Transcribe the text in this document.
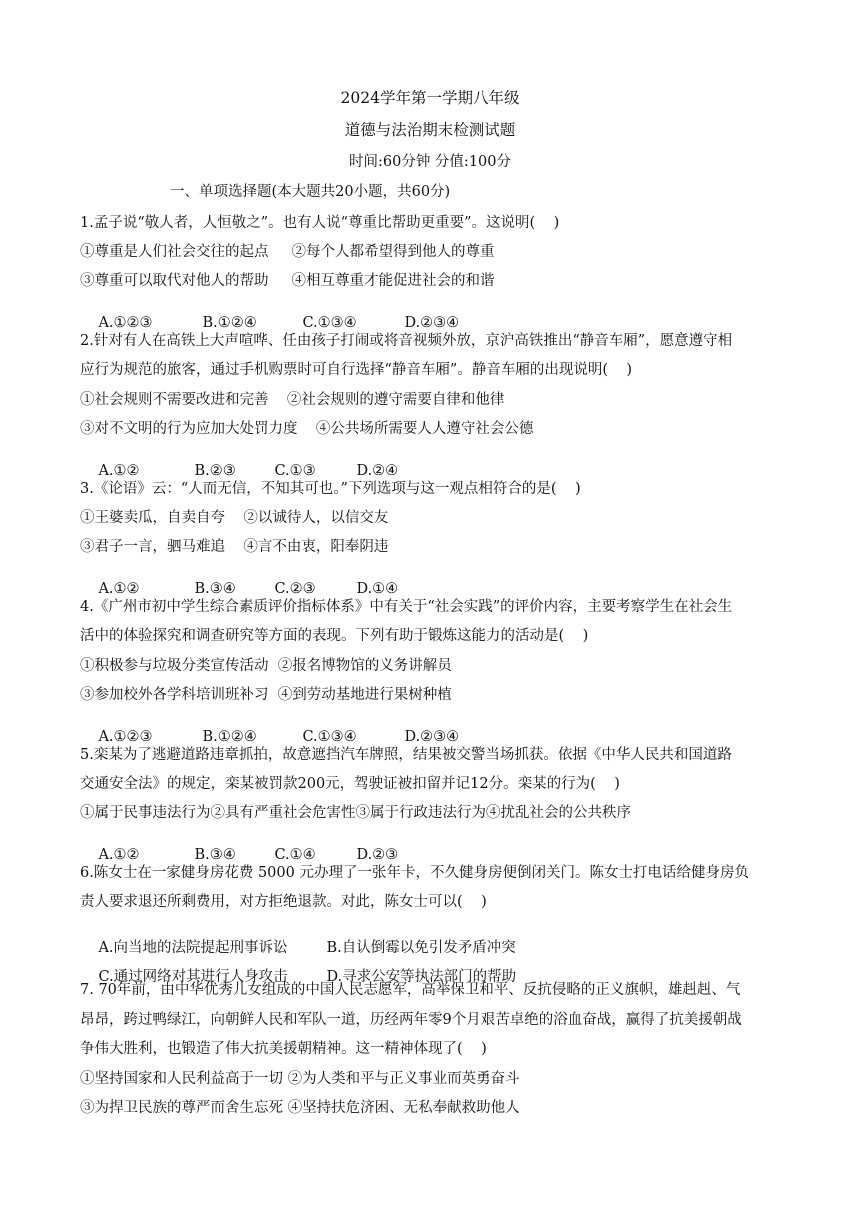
2024学年第一学期八年级
道德与法治期末检测试题
时间:60分钟 分值:100分
一、单项选择题(本大题共20小题，共60分)
1.孟子说“敬人者，人恒敬之”。也有人说“尊重比帮助更重要”。这说明(    )
①尊重是人们社会交往的起点     ②每个人都希望得到他人的尊重
③尊重可以取代对他人的帮助     ④相互尊重才能促进社会的和谐

A.①②③	B.①②④	C.①③④	D.②③④

2.针对有人在高铁上大声喧哗、任由孩子打闹或将音视频外放，京沪高铁推出“静音车厢”，愿意遵守相
应行为规范的旅客，通过手机购票时可自行选择“静音车厢”。静音车厢的出现说明(    )
①社会规则不需要改进和完善    ②社会规则的遵守需要自律和他律
③对不文明的行为应加大处罚力度    ④公共场所需要人人遵守社会公德

A.①②	B.②③	C.①③	D.②④

3.《论语》云：“人而无信，不知其可也。”下列选项与这一观点相符合的是(    )
①王婆卖瓜，自卖自夸    ②以诚待人，以信交友
③君子一言，驷马难追    ④言不由衷，阳奉阴违

A.①②	B.③④	C.②③	D.①④

4.《广州市初中学生综合素质评价指标体系》中有关于“社会实践”的评价内容，主要考察学生在社会生
活中的体验探究和调查研究等方面的表现。下列有助于锻炼这能力的活动是(    )
①积极参与垃圾分类宣传活动  ②报名博物馆的义务讲解员
③参加校外各学科培训班补习  ④到劳动基地进行果树种植

A.①②③	B.①②④	C.①③④	D.②③④

5.栾某为了逃避道路违章抓拍，故意遮挡汽车牌照，结果被交警当场抓获。依据《中华人民共和国道路
交通安全法》的规定，栾某被罚款200元，驾驶证被扣留并记12分。栾某的行为(    )
①属于民事违法行为②具有严重社会危害性③属于行政违法行为④扰乱社会的公共秩序

A.①②	B.③④	C.①④	D.②③

6.陈女士在一家健身房花费 5000 元办理了一张年卡，不久健身房便倒闭关门。陈女士打电话给健身房负
责人要求退还所剩费用，对方拒绝退款。对此，陈女士可以(    )

A.向当地的法院提起刑事诉讼	B.自认倒霉以免引发矛盾冲突

C.通过网络对其进行人身攻击	D.寻求公安等执法部门的帮助

7. 70年前，由中华优秀儿女组成的中国人民志愿军，高举保卫和平、反抗侵略的正义旗帜，雄赳赳、气
昂昂，跨过鸭绿江，向朝鲜人民和军队一道，历经两年零9个月艰苦卓绝的浴血奋战，赢得了抗美援朝战
争伟大胜利，也锻造了伟大抗美援朝精神。这一精神体现了(    )
①坚持国家和人民利益高于一切 ②为人类和平与正义事业而英勇奋斗
③为捍卫民族的尊严而舍生忘死 ④坚持扶危济困、无私奉献救助他人
